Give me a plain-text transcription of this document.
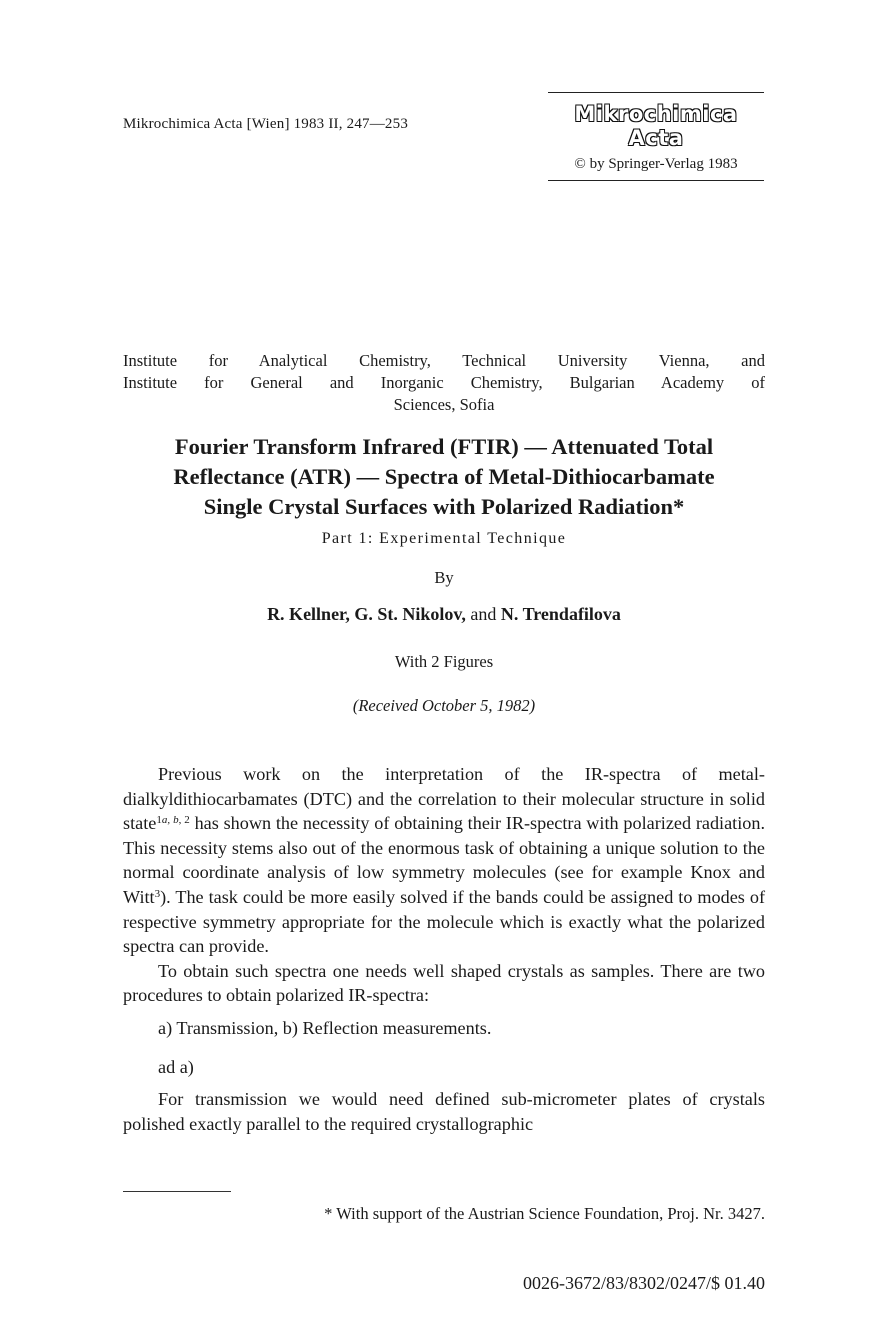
Mikrochimica Acta [Wien] 1983 II, 247—253	Mikrochimica Acta
© by Springer-Verlag 1983
Institute for Analytical Chemistry, Technical University Vienna, and
Institute for General and Inorganic Chemistry, Bulgarian Academy of
Sciences, Sofia
Fourier Transform Infrared (FTIR) — Attenuated Total
Reflectance (ATR) — Spectra of Metal-Dithiocarbamate
Single Crystal Surfaces with Polarized Radiation*
Part 1: Experimental Technique
By
R. Kellner, G. St. Nikolov, and N. Trendafilova
With 2 Figures
(Received October 5, 1982)

Previous work on the interpretation of the IR-spectra of metal-dialkyldithiocarbamates (DTC) and the correlation to their molecular structure in solid state$^{1a, b, 2}$ has shown the necessity of obtaining their IR-spectra with polarized radiation. This necessity stems also out of the enormous task of obtaining a unique solution to the normal coordinate analysis of low symmetry molecules (see for example Knox and Witt$^3$). The task could be more easily solved if the bands could be assigned to modes of respective symmetry appropriate for the molecule which is exactly what the polarized spectra can provide.

To obtain such spectra one needs well shaped crystals as samples. There are two procedures to obtain polarized IR-spectra:

a) Transmission, b) Reflection measurements.

ad a)

For transmission we would need defined sub-micrometer plates of crystals polished exactly parallel to the required crystallographic

* With support of the Austrian Science Foundation, Proj. Nr. 3427.
0026-3672/83/8302/0247/$ 01.40
